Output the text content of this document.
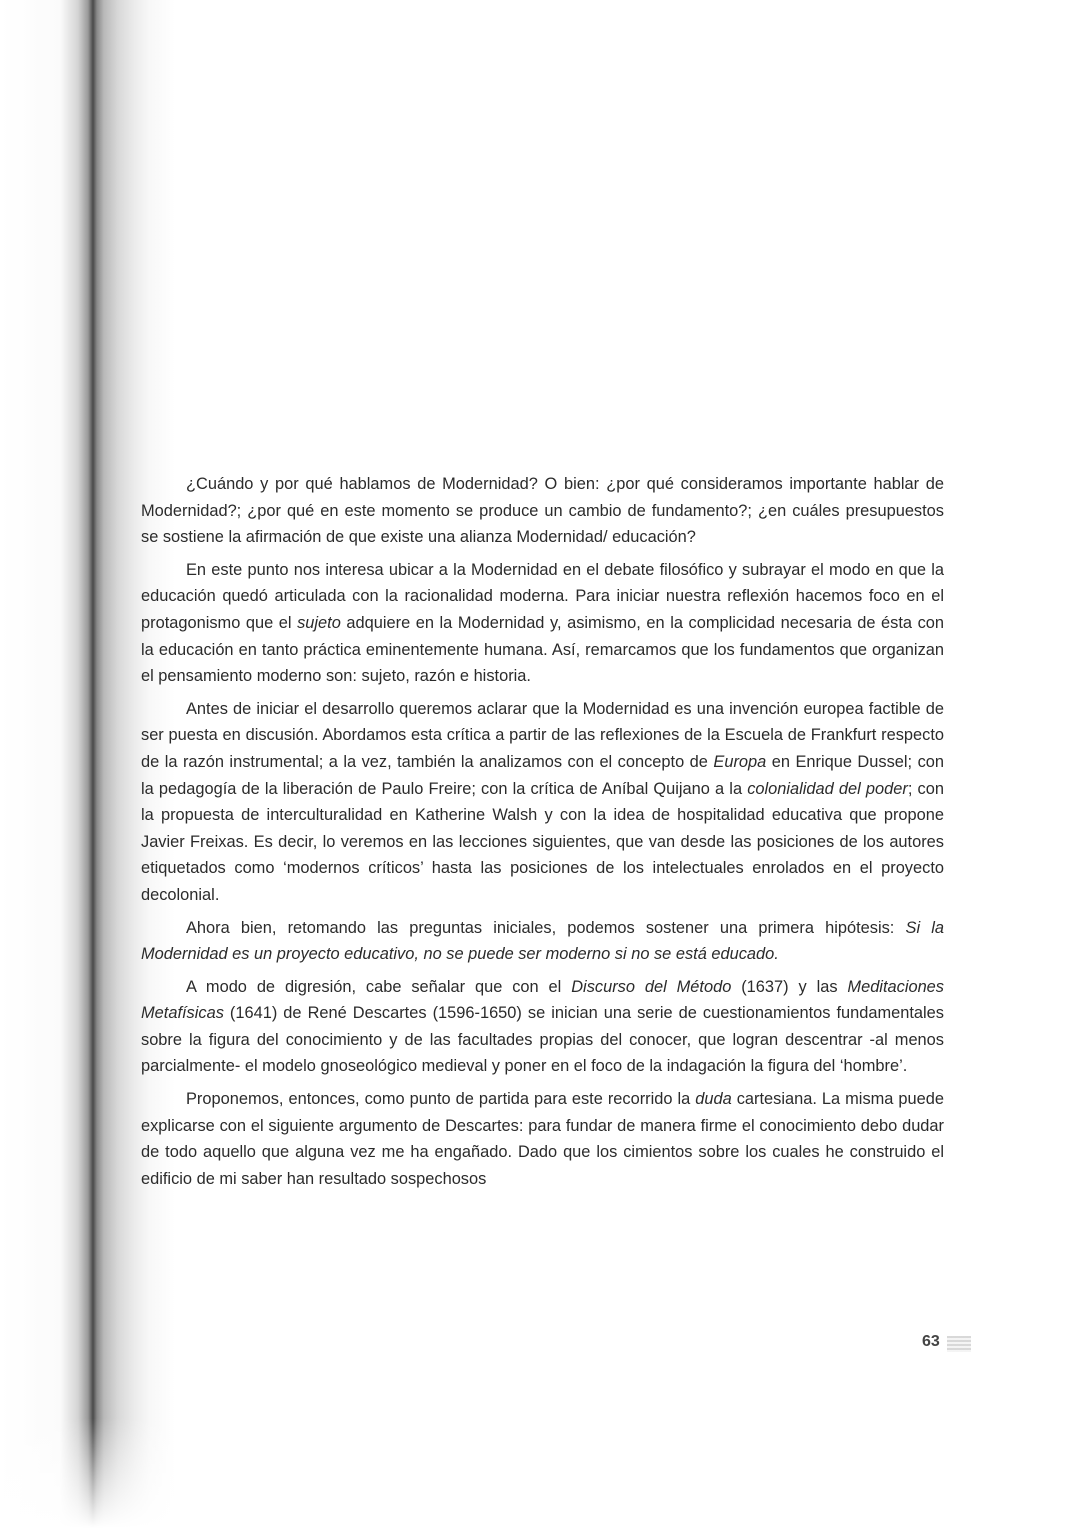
¿Cuándo y por qué hablamos de Modernidad? O bien: ¿por qué consideramos importante hablar de Modernidad?; ¿por qué en este momento se produce un cambio de fundamento?; ¿en cuáles presupuestos se sostiene la afirmación de que existe una alianza Modernidad/ educación?

En este punto nos interesa ubicar a la Modernidad en el debate filosófico y subrayar el modo en que la educación quedó articulada con la racionalidad moderna. Para iniciar nuestra reflexión hacemos foco en el protagonismo que el sujeto adquiere en la Modernidad y, asimismo, en la complicidad necesaria de ésta con la educación en tanto práctica eminentemente humana. Así, remarcamos que los fundamentos que organizan el pensamiento moderno son: sujeto, razón e historia.

Antes de iniciar el desarrollo queremos aclarar que la Modernidad es una invención europea factible de ser puesta en discusión. Abordamos esta crítica a partir de las reflexiones de la Escuela de Frankfurt respecto de la razón instrumental; a la vez, también la analizamos con el concepto de Europa en Enrique Dussel; con la pedagogía de la liberación de Paulo Freire; con la crítica de Aníbal Quijano a la colonialidad del poder; con la propuesta de interculturalidad en Katherine Walsh y con la idea de hospitalidad educativa que propone Javier Freixas. Es decir, lo veremos en las lecciones siguientes, que van desde las posiciones de los autores etiquetados como ‘modernos críticos’ hasta las posiciones de los intelectuales enrolados en el proyecto decolonial.

Ahora bien, retomando las preguntas iniciales, podemos sostener una primera hipótesis: Si la Modernidad es un proyecto educativo, no se puede ser moderno si no se está educado.

A modo de digresión, cabe señalar que con el Discurso del Método (1637) y las Meditaciones Metafísicas (1641) de René Descartes (1596-1650) se inician una serie de cuestionamientos fundamentales sobre la figura del conocimiento y de las facultades propias del conocer, que logran descentrar -al menos parcialmente- el modelo gnoseológico medieval y poner en el foco de la indagación la figura del ‘hombre’.

Proponemos, entonces, como punto de partida para este recorrido la duda cartesiana. La misma puede explicarse con el siguiente argumento de Descartes: para fundar de manera firme el conocimiento debo dudar de todo aquello que alguna vez me ha engañado. Dado que los cimientos sobre los cuales he construido el edificio de mi saber han resultado sospechosos

63
